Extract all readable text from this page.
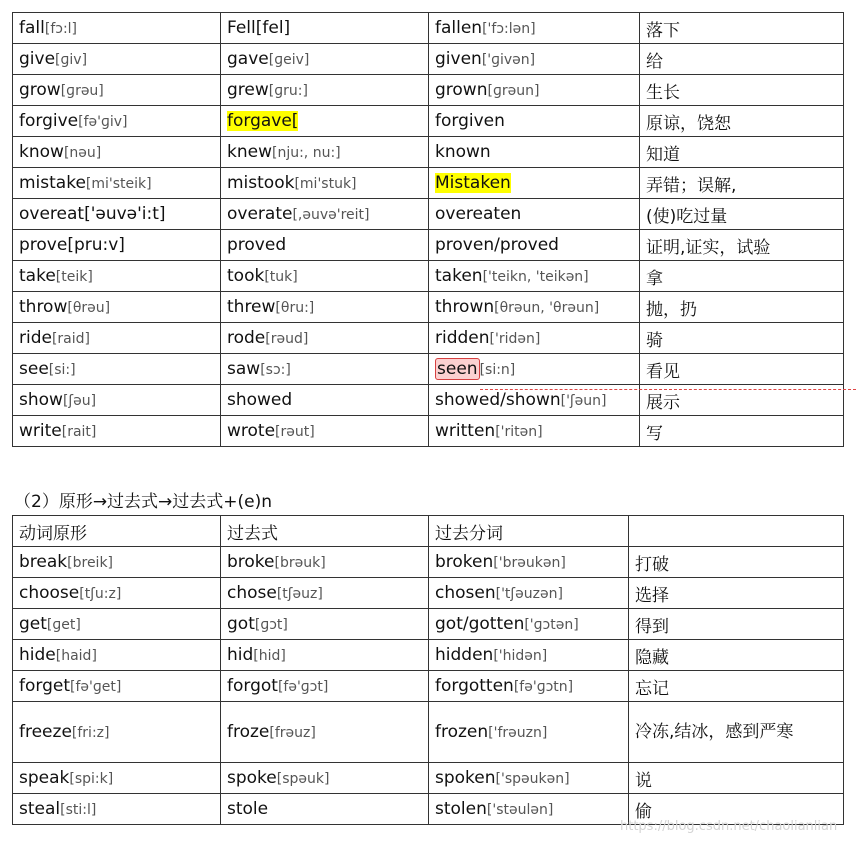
fall[fɔ:l]	Fell[fel]	fallen['fɔ:lən]	落下
give[ɡiv]	gave[ɡeiv]	given['ɡivən]	给
grow[ɡrəu]	grew[ɡru:]	grown[ɡrəun]	生长
forgive[fə'ɡiv]	forgave[	forgiven	原谅，饶恕
know[nəu]	knew[nju:, nu:]	known	知道
mistake[mi'steik]	mistook[mi'stuk]	Mistaken	弄错；误解,
overeat['əuvə'i:t]	overate[,əuvə'reit]	overeaten	(使)吃过量
prove[pru:v]	proved	proven/proved	证明,证实，试验
take[teik]	took[tuk]	taken['teikn, 'teikən]	拿
throw[θrəu]	threw[θru:]	thrown[θrəun, 'θrəun]	抛，扔
ride[raid]	rode[rəud]	ridden['ridən]	骑
see[si:]	saw[sɔ:]	seen [si:n]	看见
show[ʃəu]	showed	showed/shown['ʃəun]	展示
write[rait]	wrote[rəut]	written['ritən]	写
（2）原形→过去式→过去式+(e)n
动词原形	过去式	过去分词	
break[breik]	broke[brəuk]	broken['brəukən]	打破
choose[tʃu:z]	chose[tʃəuz]	chosen['tʃəuzən]	选择
get[ɡet]	got[ɡɔt]	got/gotten['ɡɔtən]	得到
hide[haid]	hid[hid]	hidden['hidən]	隐藏
forget[fə'ɡet]	forgot[fə'ɡɔt]	forgotten[fə'ɡɔtn]	忘记
freeze[fri:z]	froze[frəuz]	frozen['frəuzn]	冷冻,结冰，感到严寒
speak[spi:k]	spoke[spəuk]	spoken['spəukən]	说
steal[sti:l]	stole	stolen['stəulən]	偷
https://blog.csdn.net/chaolianlian
